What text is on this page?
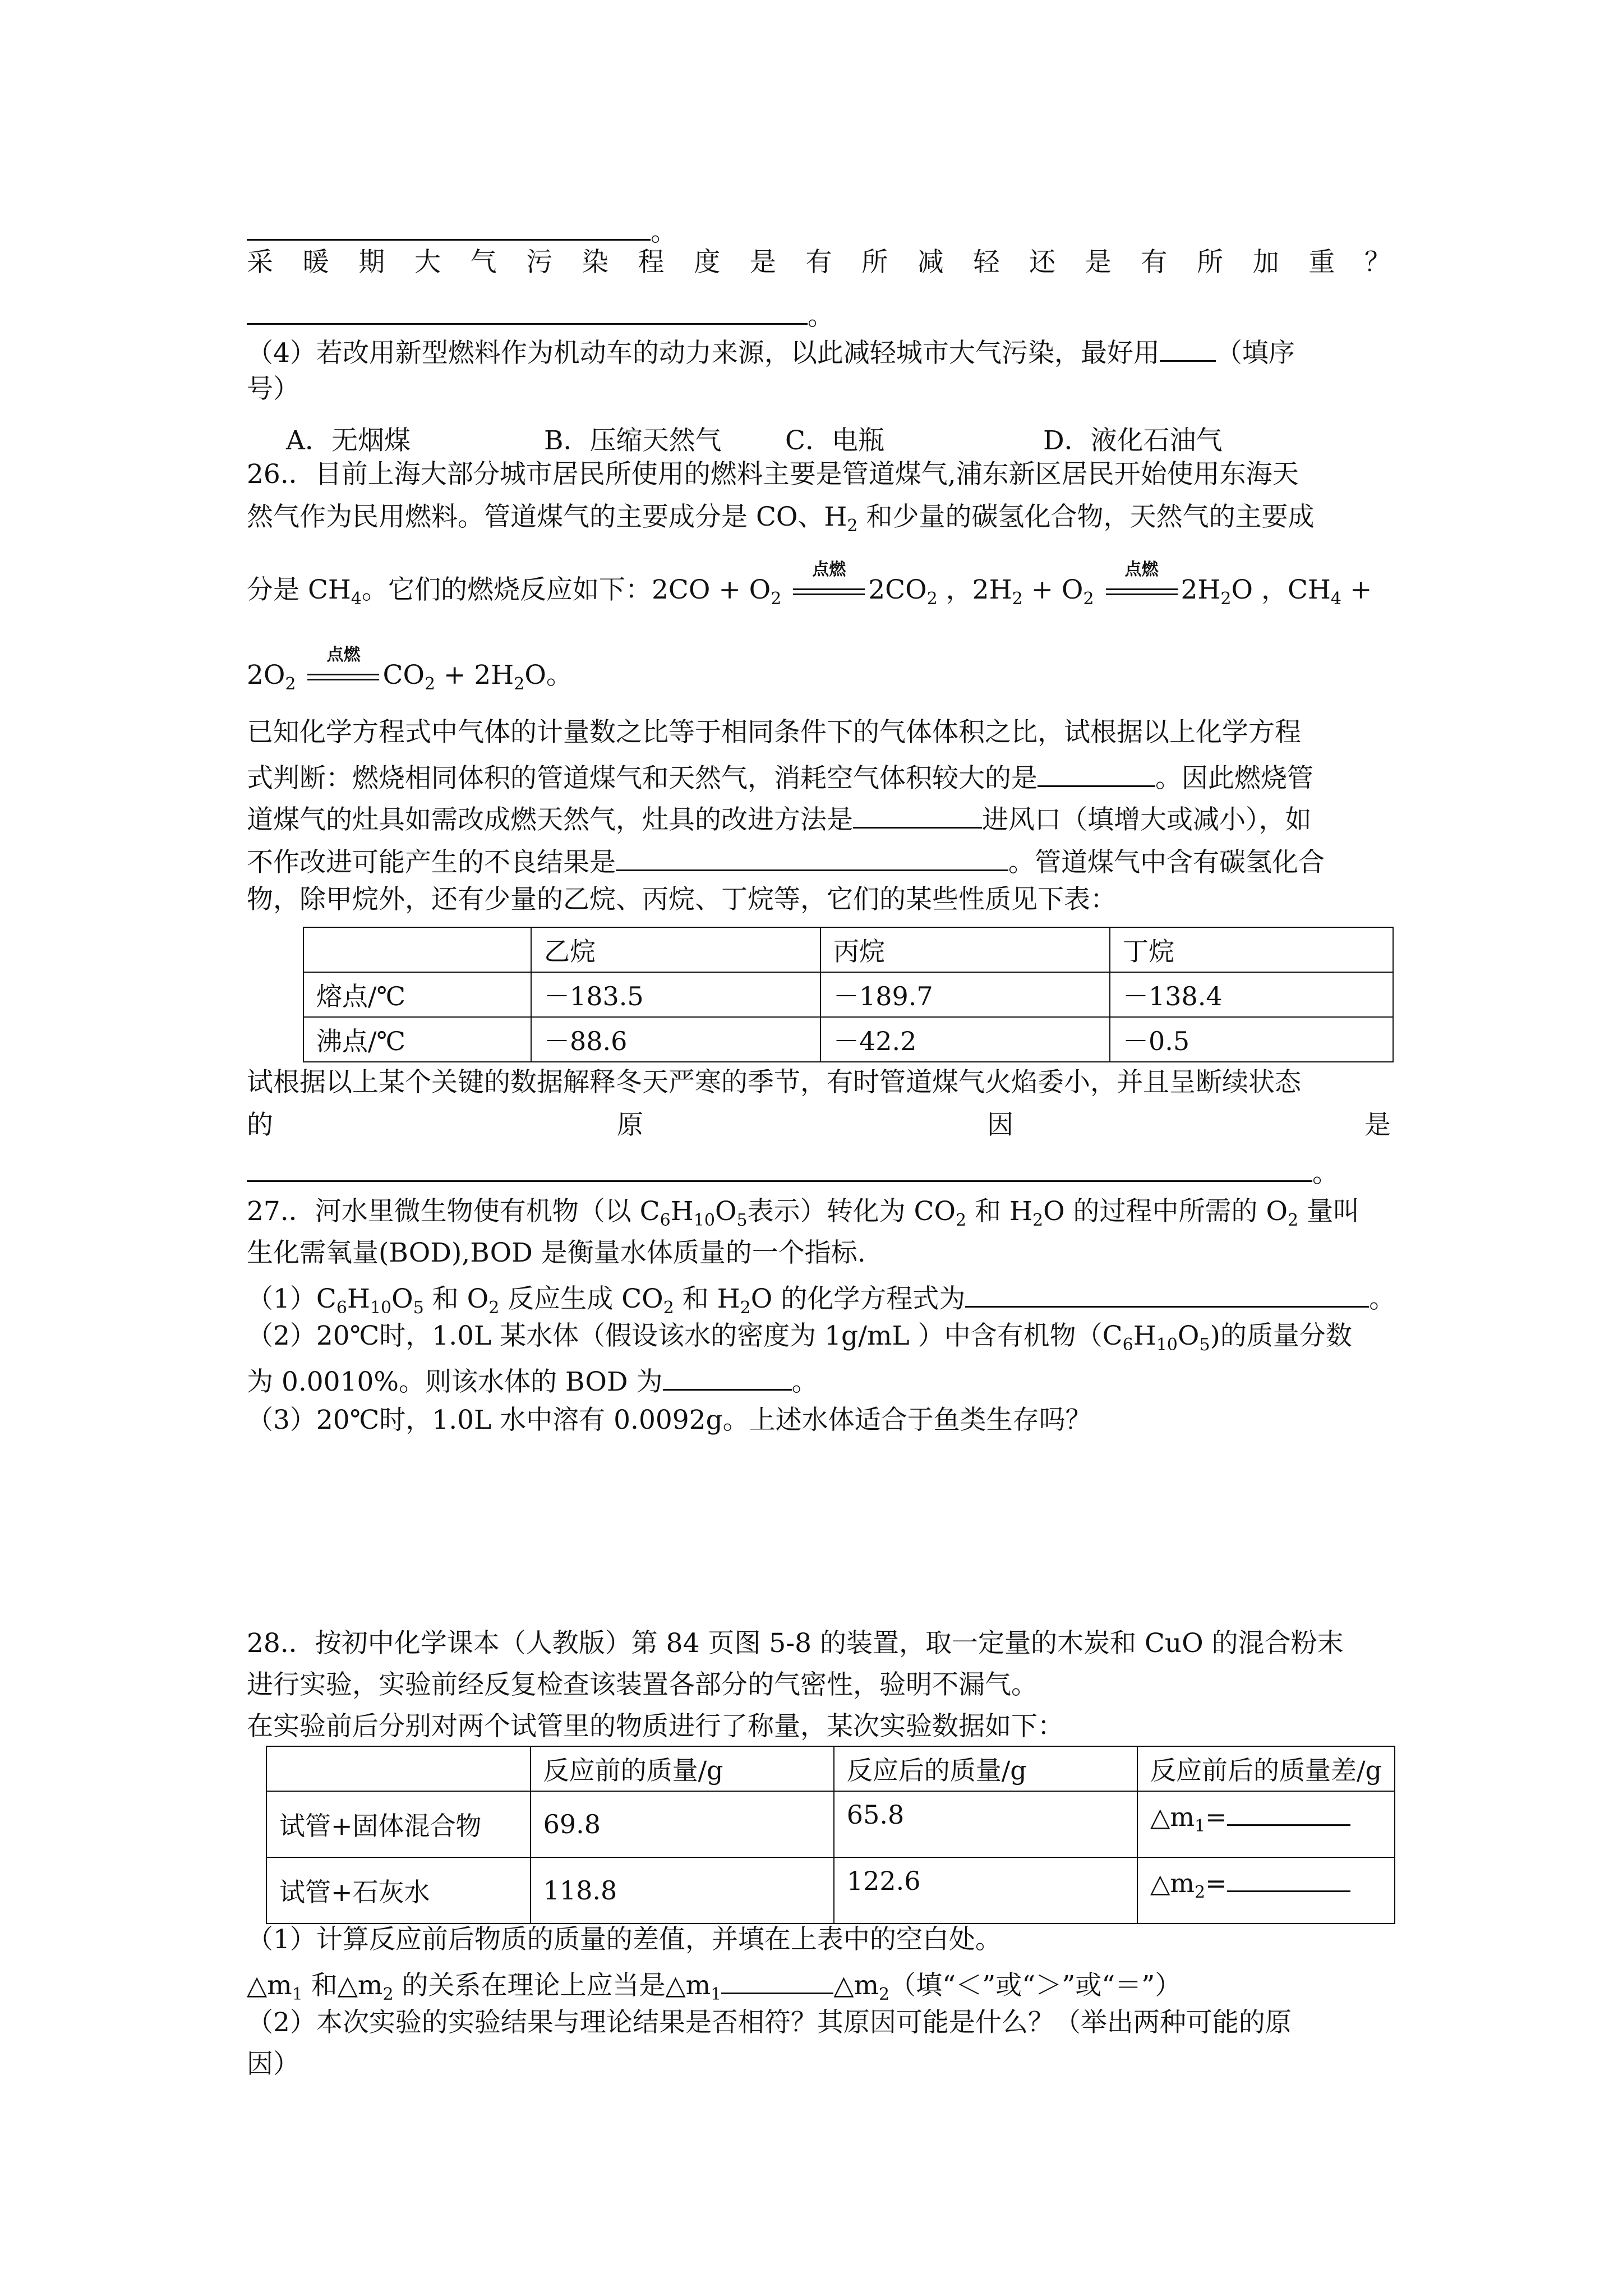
。
采暖期大气污染程度是有所减轻还是有所加重？
。
（4）若改用新型燃料作为机动车的动力来源，以此减轻城市大气污染，最好用 （填序
号）
A．无烟煤	B．压缩天然气 C．电瓶	D．液化石油气
26.．目前上海大部分城市居民所使用的燃料主要是管道煤气,浦东新区居民开始使用东海天
然气作为民用燃料。管道煤气的主要成分是 CO、$H_2$ 和少量的碳氢化合物，天然气的主要成
分是 $CH_4$。它们的燃烧反应如下：$2CO + O_2$
点燃
$2CO_2$ ，$2H_2 + O_2$
点燃
$2H_2O$ ，$CH_4$ +
$2O_2$
点燃
$CO_2 + 2H_2O$。
已知化学方程式中气体的计量数之比等于相同条件下的气体体积之比，试根据以上化学方程
式判断：燃烧相同体积的管道煤气和天然气，消耗空气体积较大的是	。因此燃烧管
道煤气的灶具如需改成燃天然气，灶具的改进方法是	进风口（填增大或减小），如
不作改进可能产生的不良结果是	。管道煤气中含有碳氢化合
物，除甲烷外，还有少量的乙烷、丙烷、丁烷等，它们的某些性质见下表：
	乙烷	丙烷	丁烷
熔点/℃	－183.5	－189.7	－138.4
沸点/℃	－88.6	－42.2	－0.5
试根据以上某个关键的数据解释冬天严寒的季节，有时管道煤气火焰委小，并且呈断续状态
的	原	因	是
。
27.．河水里微生物使有机物（以 $C_6H_{10}O_5$表示）转化为 $CO_2$ 和 $H_2O$ 的过程中所需的 $O_2$ 量叫
生化需氧量(BOD),BOD 是衡量水体质量的一个指标.
$(1)C_6H_{10}O_5$ 和 $O_2$ 反应生成 $CO_2$ 和 $H_2O$ 的化学方程式为	。
（2）20℃时，1.0L 某水体（假设该水的密度为 1g/mL ）中含有机物$(C_6H_{10}O_5)$的质量分数
为 0.0010%。则该水体的 BOD 为	。
（3）20℃时，1.0L 水中溶有 0.0092g。上述水体适合于鱼类生存吗？
28.．按初中化学课本（人教版）第 84 页图 5-8 的装置，取一定量的木炭和 CuO 的混合粉末
进行实验，实验前经反复检查该装置各部分的气密性，验明不漏气。
在实验前后分别对两个试管里的物质进行了称量，某次实验数据如下：
	反应前的质量/g	反应后的质量/g	反应前后的质量差/g
试管+固体混合物	69.8	65.8	$\triangle m_1=$
试管+石灰水	118.8	122.6	$\triangle m_2=$
（1）计算反应前后物质的质量的差值，并填在上表中的空白处。
$\triangle m_1$ 和$\triangle m_2$ 的关系在理论上应当是$\triangle m_1$	$\triangle m_2$（填“＜”或“＞”或“＝”）
（2）本次实验的实验结果与理论结果是否相符？其原因可能是什么？（举出两种可能的原
因）
